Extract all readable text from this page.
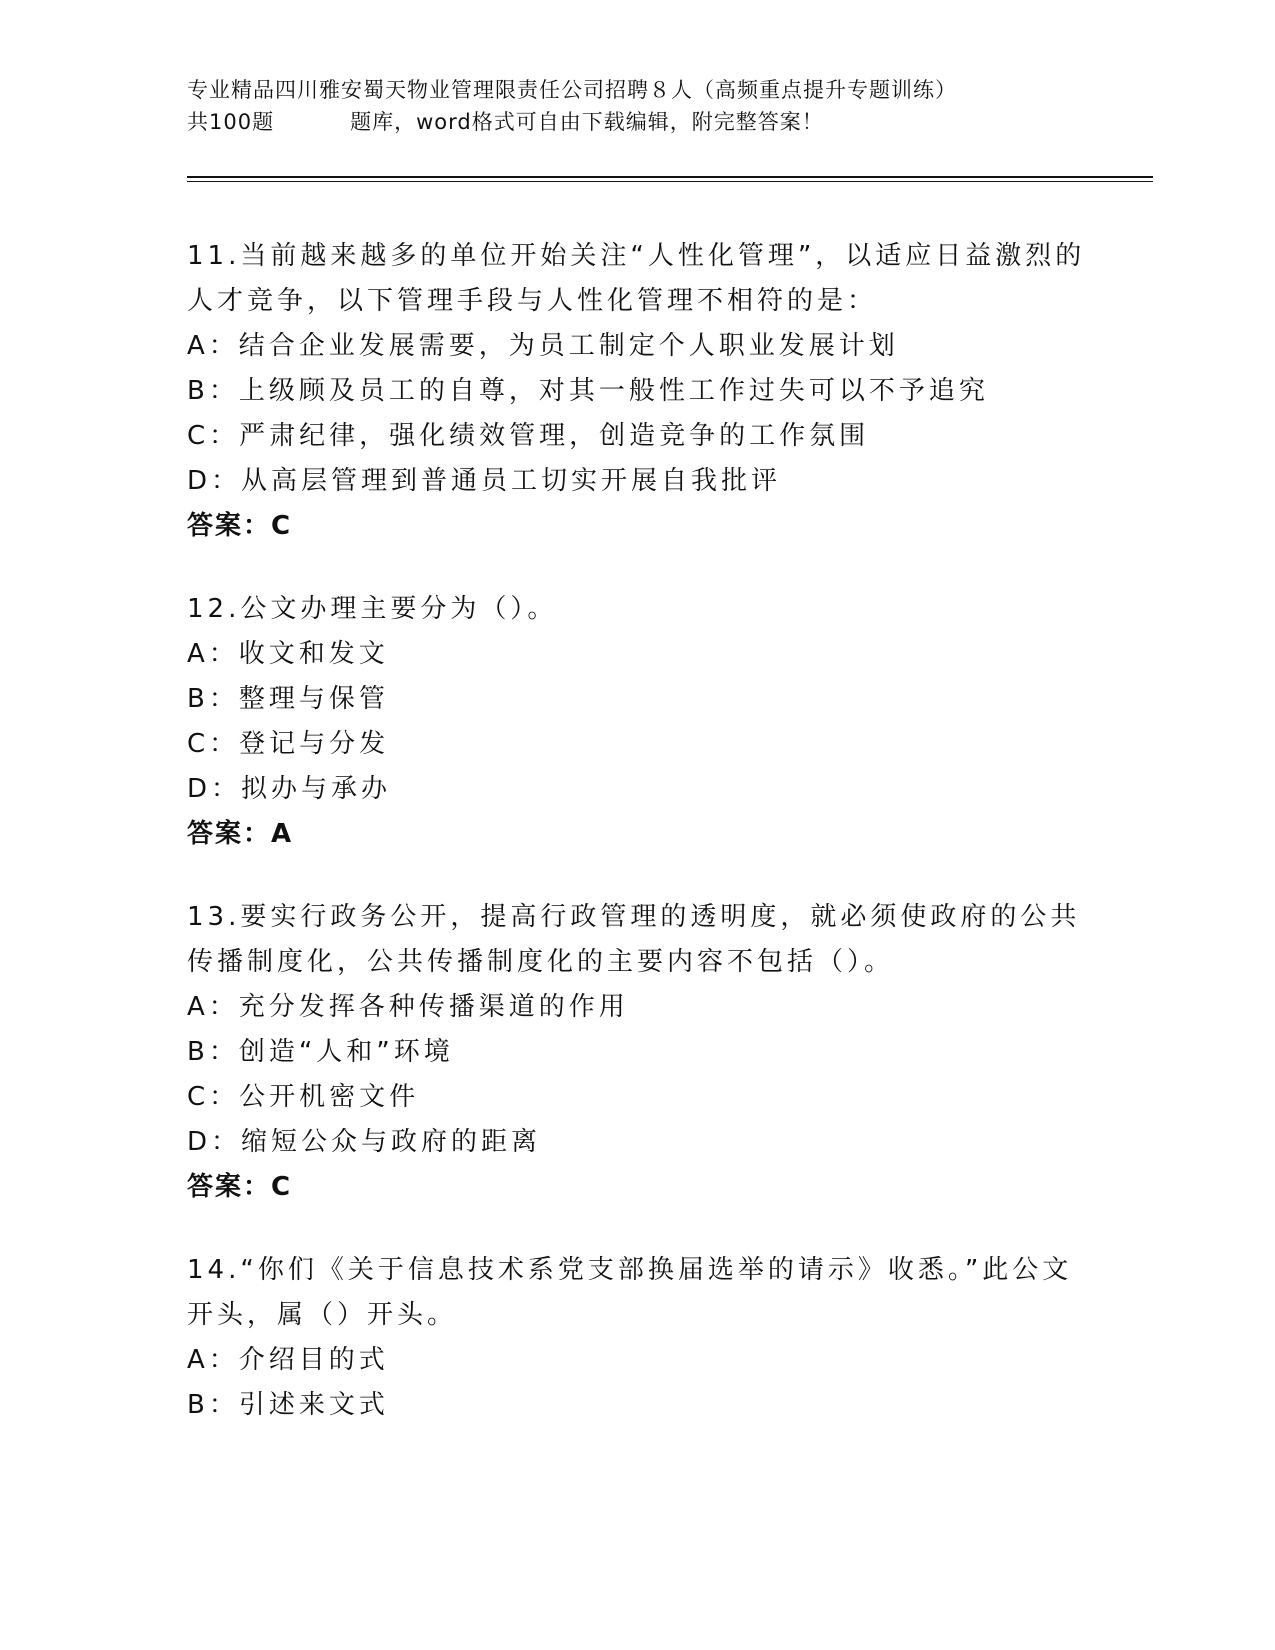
专业精品四川雅安蜀天物业管理限责任公司招聘８人（高频重点提升专题训练）
共100题	题库，word格式可自由下载编辑，附完整答案！

11.当前越来越多的单位开始关注“人性化管理”，以适应日益激烈的人才竞争，以下管理手段与人性化管理不相符的是：

A：结合企业发展需要，为员工制定个人职业发展计划

B：上级顾及员工的自尊，对其一般性工作过失可以不予追究

C：严肃纪律，强化绩效管理，创造竞争的工作氛围

D：从高层管理到普通员工切实开展自我批评

答案：C

12.公文办理主要分为（）。

A：收文和发文

B：整理与保管

C：登记与分发

D：拟办与承办

答案：A

13.要实行政务公开，提高行政管理的透明度，就必须使政府的公共传播制度化，公共传播制度化的主要内容不包括（）。

A：充分发挥各种传播渠道的作用

B：创造“人和”环境

C：公开机密文件

D：缩短公众与政府的距离

答案：C

14.“你们《关于信息技术系党支部换届选举的请示》收悉。”此公文开头，属（）开头。

A：介绍目的式

B：引述来文式
